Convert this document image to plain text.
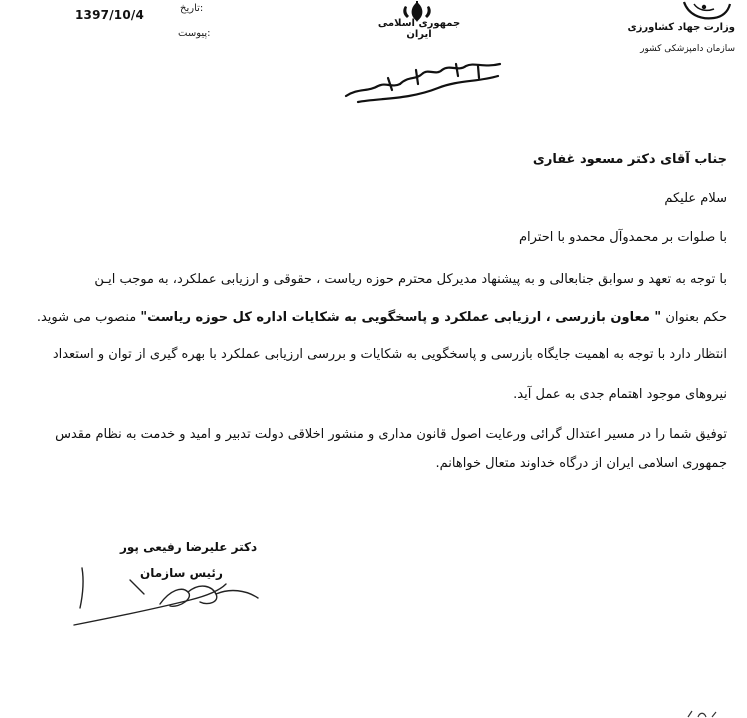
1397/10/4	تاریخ:
پیوست:
جمهوری اسلامی ایران
وزارت جهاد کشاورزی
سازمان دامپزشکی کشور
جناب آقای دکتر مسعود غفاری
سلام علیکم
با صلوات بر محمدوآل محمدو با احترام
با توجه به تعهد و سوابق جنابعالی و به پیشنهاد مدیرکل محترم حوزه ریاست ، حقوقی و ارزیابی عملکرد، به موجب ایـن
حکم بعنوان " معاون بازرسی ، ارزیابی عملکرد و پاسخگویی به شکایات اداره کل حوزه ریاست" منصوب می شوید.
انتظار دارد با توجه به اهمیت جایگاه بازرسی و پاسخگویی به شکایات و بررسی ارزیابی عملکرد با بهره گیری از توان و استعداد
نیروهای موجود اهتمام جدی به عمل آید.
توفیق شما را در مسیر اعتدال گرائی ورعایت اصول قانون مداری و منشور اخلاقی دولت تدبیر و امید و خدمت به نظام مقدس
جمهوری اسلامی ایران از درگاه خداوند متعال خواهانم.
دکتر علیرضا رفیعی پور
رئیس سازمان
